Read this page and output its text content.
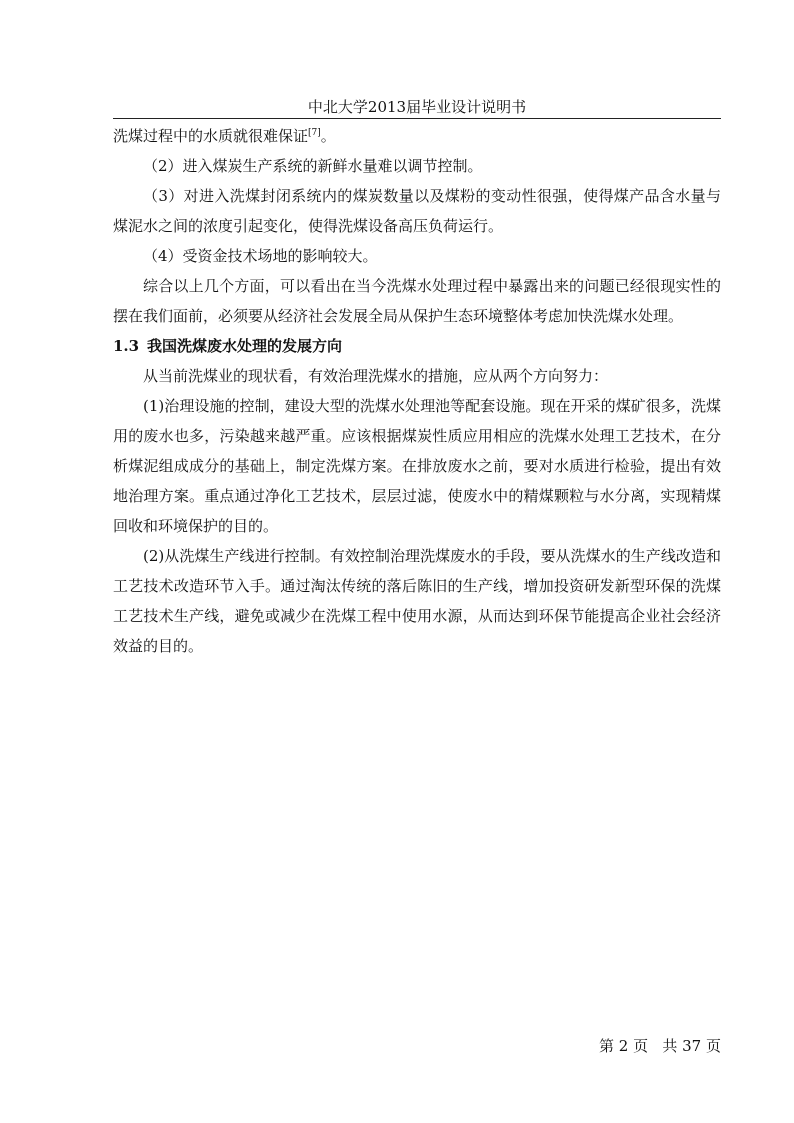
中北大学2013届毕业设计说明书

洗煤过程中的水质就很难保证[7]。

（2）进入煤炭生产系统的新鲜水量难以调节控制。

（3）对进入洗煤封闭系统内的煤炭数量以及煤粉的变动性很强，使得煤产品含水量与煤泥水之间的浓度引起变化，使得洗煤设备高压负荷运行。

（4）受资金技术场地的影响较大。

综合以上几个方面，可以看出在当今洗煤水处理过程中暴露出来的问题已经很现实性的摆在我们面前，必须要从经济社会发展全局从保护生态环境整体考虑加快洗煤水处理。

1.3 我国洗煤废水处理的发展方向

从当前洗煤业的现状看，有效治理洗煤水的措施，应从两个方向努力：

(1)治理设施的控制，建设大型的洗煤水处理池等配套设施。现在开采的煤矿很多，洗煤用的废水也多，污染越来越严重。应该根据煤炭性质应用相应的洗煤水处理工艺技术，在分析煤泥组成成分的基础上，制定洗煤方案。在排放废水之前，要对水质进行检验，提出有效地治理方案。重点通过净化工艺技术，层层过滤，使废水中的精煤颗粒与水分离，实现精煤回收和环境保护的目的。

(2)从洗煤生产线进行控制。有效控制治理洗煤废水的手段，要从洗煤水的生产线改造和工艺技术改造环节入手。通过淘汰传统的落后陈旧的生产线，增加投资研发新型环保的洗煤工艺技术生产线，避免或减少在洗煤工程中使用水源，从而达到环保节能提高企业社会经济效益的目的。

第 2 页   共 37 页
